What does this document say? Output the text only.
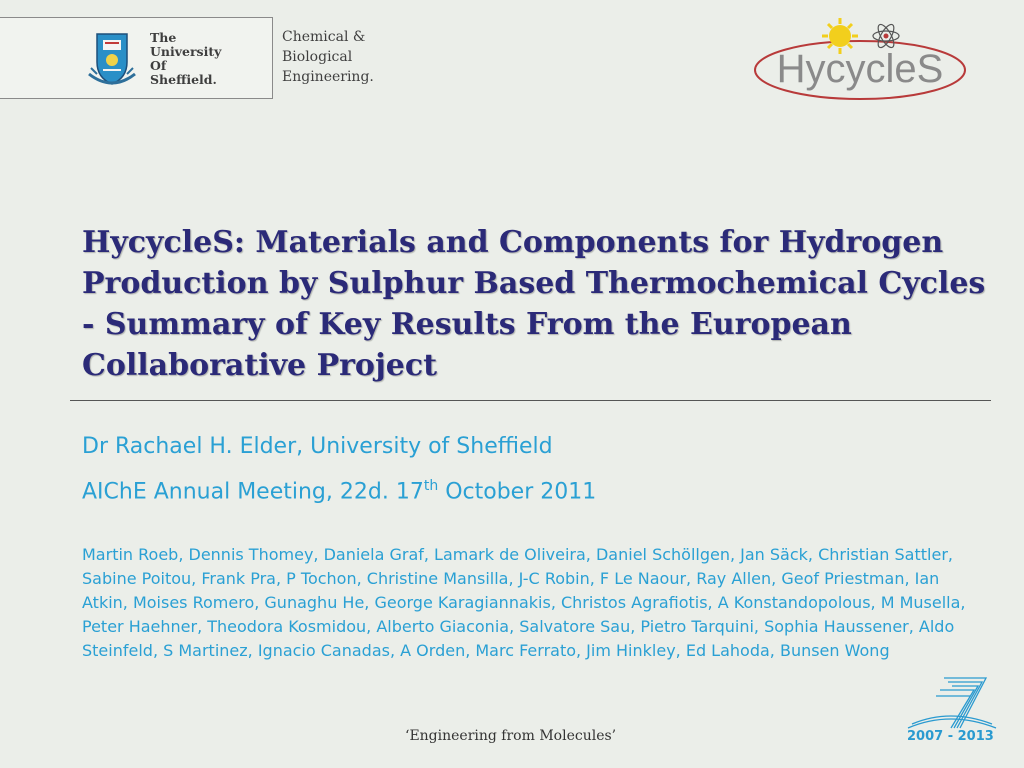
The
University
Of
Sheffield.
Chemical &
Biological
Engineering.	HycycleS
HycycleS: Materials and Components for Hydrogen Production by Sulphur Based Thermochemical Cycles - Summary of Key Results From the European Collaborative Project
Dr Rachael H. Elder, University of Sheffield
AIChE Annual Meeting, 22d. 17th October 2011
Martin Roeb, Dennis Thomey, Daniela Graf, Lamark de Oliveira, Daniel Schöllgen, Jan Säck, Christian Sattler, Sabine Poitou, Frank Pra, P Tochon, Christine Mansilla, J-C Robin, F Le Naour, Ray Allen, Geof Priestman, Ian Atkin, Moises Romero, Gunaghu He, George Karagiannakis, Christos Agrafiotis, A Konstandopolous, M Musella, Peter Haehner, Theodora Kosmidou, Alberto Giaconia, Salvatore Sau, Pietro Tarquini, Sophia Haussener, Aldo Steinfeld, S Martinez, Ignacio Canadas, A Orden, Marc Ferrato, Jim Hinkley, Ed Lahoda, Bunsen Wong
‘Engineering from Molecules’	2007 - 2013
